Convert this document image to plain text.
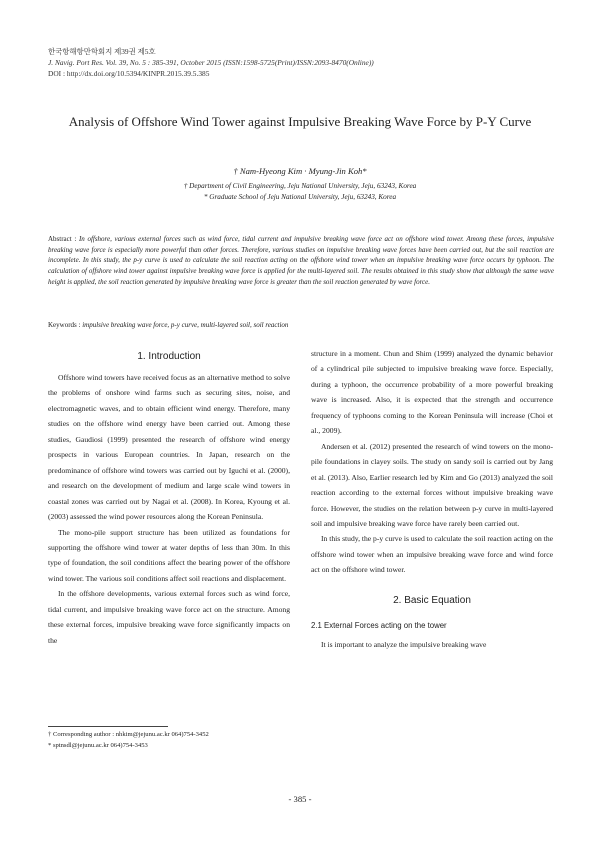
한국항해항만학회지 제39권 제5호
J. Navig. Port Res. Vol. 39, No. 5 : 385-391, October 2015 (ISSN:1598-5725(Print)/ISSN:2093-8470(Online))
DOI : http://dx.doi.org/10.5394/KINPR.2015.39.5.385
Analysis of Offshore Wind Tower against Impulsive Breaking Wave Force by P-Y Curve
† Nam-Hyeong Kim · Myung-Jin Koh*
† Department of Civil Engineering, Jeju National University, Jeju, 63243, Korea
* Graduate School of Jeju National University, Jeju, 63243, Korea
Abstract : In offshore, various external forces such as wind force, tidal current and impulsive breaking wave force act on offshore wind tower. Among these forces, impulsive breaking wave force is especially more powerful than other forces. Therefore, various studies on impulsive breaking wave forces have been carried out, but the soil reaction are incomplete. In this study, the p-y curve is used to calculate the soil reaction acting on the offshore wind tower when an impulsive breaking wave force occurs by typhoon. The calculation of offshore wind tower against impulsive breaking wave force is applied for the multi-layered soil. The results obtained in this study show that although the same wave height is applied, the soil reaction generated by impulsive breaking wave force is greater than the soil reaction generated by wave force.
Keywords : impulsive breaking wave force, p-y curve, multi-layered soil, soil reaction
1. Introduction

Offshore wind towers have received focus as an alternative method to solve the problems of onshore wind farms such as securing sites, noise, and electromagnetic waves, and to obtain efficient wind energy. Therefore, many studies on the offshore wind energy have been carried out. Among these studies, Gaudiosi (1999) presented the research of offshore wind energy prospects in various European countries. In Japan, research on the predominance of offshore wind towers was carried out by Iguchi et al. (2000), and research on the development of medium and large scale wind towers in coastal zones was carried out by Nagai et al. (2008). In Korea, Kyoung et al. (2003) assessed the wind power resources along the Korean Peninsula.

The mono-pile support structure has been utilized as foundations for supporting the offshore wind tower at water depths of less than 30m. In this type of foundation, the soil conditions affect the bearing power of the offshore wind tower. The various soil conditions affect soil reactions and displacement.

In the offshore developments, various external forces such as wind force, tidal current, and impulsive breaking wave force act on the structure. Among these external forces, impulsive breaking wave force significantly impacts on the

structure in a moment. Chun and Shim (1999) analyzed the dynamic behavior of a cylindrical pile subjected to impulsive breaking wave force. Especially, during a typhoon, the occurrence probability of a more powerful breaking wave is increased. Also, it is expected that the strength and occurrence frequency of typhoons coming to the Korean Peninsula will increase (Choi et al., 2009).

Andersen et al. (2012) presented the research of wind towers on the mono-pile foundations in clayey soils. The study on sandy soil is carried out by Jang et al. (2013). Also, Earlier research led by Kim and Go (2013) analyzed the soil reaction according to the external forces without impulsive breaking wave force. However, the studies on the relation between p-y curve in multi-layered soil and impulsive breaking wave force have rarely been carried out.

In this study, the p-y curve is used to calculate the soil reaction acting on the offshore wind tower when an impulsive breaking wave force and wind force act on the offshore wind tower.

2. Basic Equation
2.1 External Forces acting on the tower

It is important to analyze the impulsive breaking wave

† Corresponding author : nhkim@jejunu.ac.kr 064)754-3452
* sptnsdl@jejunu.ac.kr 064)754-3453
- 385 -
